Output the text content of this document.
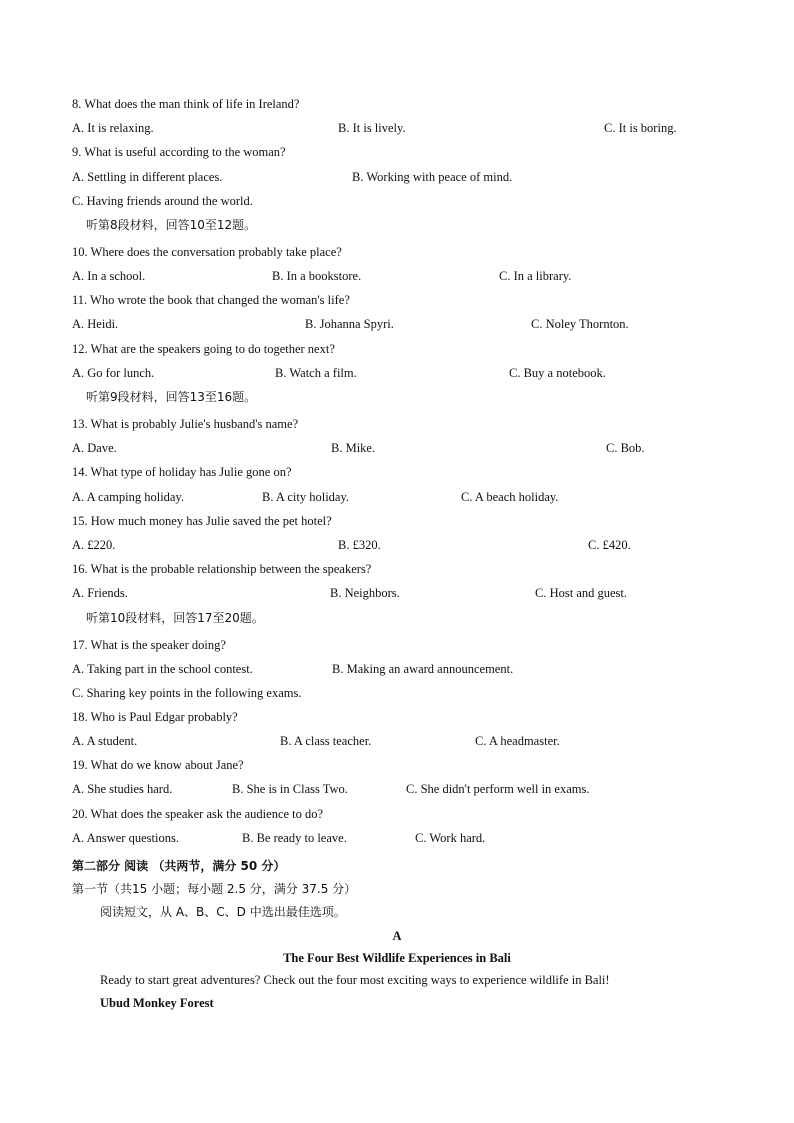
8. What does the man think of life in Ireland?
A. It is relaxing.	B. It is lively.	C. It is boring.
9. What is useful according to the woman?
A. Settling in different places.	B. Working with peace of mind.
C. Having friends around the world.
听第8段材料，回答10至12题。
10. Where does the conversation probably take place?
A. In a school.	B. In a bookstore.	C. In a library.
11. Who wrote the book that changed the woman's life?
A. Heidi.	B. Johanna Spyri.	C. Noley Thornton.
12. What are the speakers going to do together next?
A. Go for lunch.	B. Watch a film.	C. Buy a notebook.
听第9段材料，回答13至16题。
13. What is probably Julie's husband's name?
A. Dave.	B. Mike.	C. Bob.
14. What type of holiday has Julie gone on?
A. A camping holiday.	B. A city holiday.	C. A beach holiday.
15. How much money has Julie saved the pet hotel?
A. £220.	B. £320.	C. £420.
16. What is the probable relationship between the speakers?
A. Friends.	B. Neighbors.	C. Host and guest.
听第10段材料，回答17至20题。
17. What is the speaker doing?
A. Taking part in the school contest.	B. Making an award announcement.
C. Sharing key points in the following exams.
18. Who is Paul Edgar probably?
A. A student.	B. A class teacher.	C. A headmaster.
19. What do we know about Jane?
A. She studies hard.	B. She is in Class Two.	C. She didn't perform well in exams.
20. What does the speaker ask the audience to do?
A. Answer questions.	B. Be ready to leave.	C. Work hard.
第二部分 阅读 （共两节，满分 50 分）
第一节（共15 小题；每小题 2.5 分，满分 37.5 分）
阅读短文，从 A、B、C、D 中选出最佳选项。
A
The Four Best Wildlife Experiences in Bali
Ready to start great adventures? Check out the four most exciting ways to experience wildlife in Bali!
Ubud Monkey Forest
